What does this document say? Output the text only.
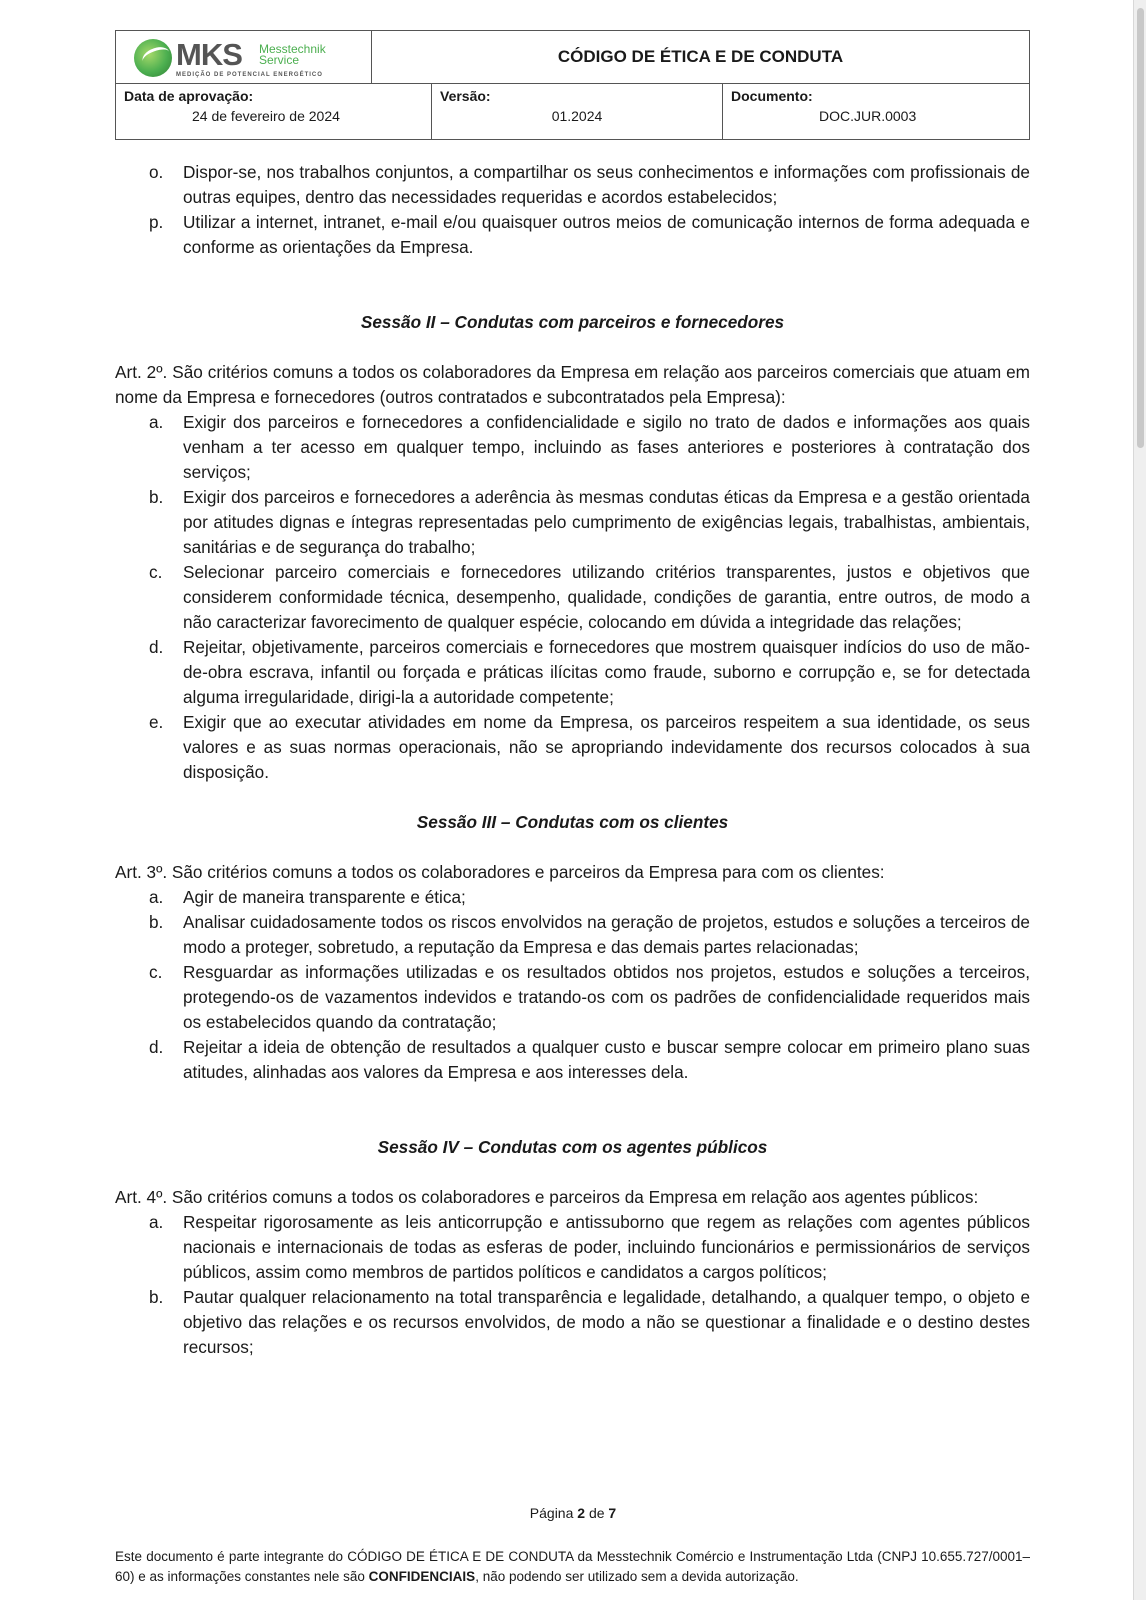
MKS Messtechnik
Service
MEDIÇÃO DE POTENCIAL ENERGÉTICO
CÓDIGO DE ÉTICA E DE CONDUTA
Data de aprovação:
24 de fevereiro de 2024
Versão:
01.2024
Documento:
DOC.JUR.0003
o. Dispor-se, nos trabalhos conjuntos, a compartilhar os seus conhecimentos e informações com profissionais de outras equipes, dentro das necessidades requeridas e acordos estabelecidos;
p. Utilizar a internet, intranet, e-mail e/ou quaisquer outros meios de comunicação internos de forma adequada e conforme as orientações da Empresa.

Sessão II – Condutas com parceiros e fornecedores

Art. 2º. São critérios comuns a todos os colaboradores da Empresa em relação aos parceiros comerciais que atuam em nome da Empresa e fornecedores (outros contratados e subcontratados pela Empresa):

a. Exigir dos parceiros e fornecedores a confidencialidade e sigilo no trato de dados e informações aos quais venham a ter acesso em qualquer tempo, incluindo as fases anteriores e posteriores à contratação dos serviços;
b. Exigir dos parceiros e fornecedores a aderência às mesmas condutas éticas da Empresa e a gestão orientada por atitudes dignas e íntegras representadas pelo cumprimento de exigências legais, trabalhistas, ambientais, sanitárias e de segurança do trabalho;
c. Selecionar parceiro comerciais e fornecedores utilizando critérios transparentes, justos e objetivos que considerem conformidade técnica, desempenho, qualidade, condições de garantia, entre outros, de modo a não caracterizar favorecimento de qualquer espécie, colocando em dúvida a integridade das relações;
d. Rejeitar, objetivamente, parceiros comerciais e fornecedores que mostrem quaisquer indícios do uso de mão-de-obra escrava, infantil ou forçada e práticas ilícitas como fraude, suborno e corrupção e, se for detectada alguma irregularidade, dirigi-la a autoridade competente;
e. Exigir que ao executar atividades em nome da Empresa, os parceiros respeitem a sua identidade, os seus valores e as suas normas operacionais, não se apropriando indevidamente dos recursos colocados à sua disposição.

Sessão III – Condutas com os clientes

Art. 3º. São critérios comuns a todos os colaboradores e parceiros da Empresa para com os clientes:

a. Agir de maneira transparente e ética;
b. Analisar cuidadosamente todos os riscos envolvidos na geração de projetos, estudos e soluções a terceiros de modo a proteger, sobretudo, a reputação da Empresa e das demais partes relacionadas;
c. Resguardar as informações utilizadas e os resultados obtidos nos projetos, estudos e soluções a terceiros, protegendo-os de vazamentos indevidos e tratando-os com os padrões de confidencialidade requeridos mais os estabelecidos quando da contratação;
d. Rejeitar a ideia de obtenção de resultados a qualquer custo e buscar sempre colocar em primeiro plano suas atitudes, alinhadas aos valores da Empresa e aos interesses dela.

Sessão IV – Condutas com os agentes públicos

Art. 4º. São critérios comuns a todos os colaboradores e parceiros da Empresa em relação aos agentes públicos:

a. Respeitar rigorosamente as leis anticorrupção e antissuborno que regem as relações com agentes públicos nacionais e internacionais de todas as esferas de poder, incluindo funcionários e permissionários de serviços públicos, assim como membros de partidos políticos e candidatos a cargos políticos;
b. Pautar qualquer relacionamento na total transparência e legalidade, detalhando, a qualquer tempo, o objeto e objetivo das relações e os recursos envolvidos, de modo a não se questionar a finalidade e o destino destes recursos;
Página 2 de 7
Este documento é parte integrante do CÓDIGO DE ÉTICA E DE CONDUTA da Messtechnik Comércio e Instrumentação Ltda (CNPJ 10.655.727/0001–60) e as informações constantes nele são CONFIDENCIAIS, não podendo ser utilizado sem a devida autorização.
